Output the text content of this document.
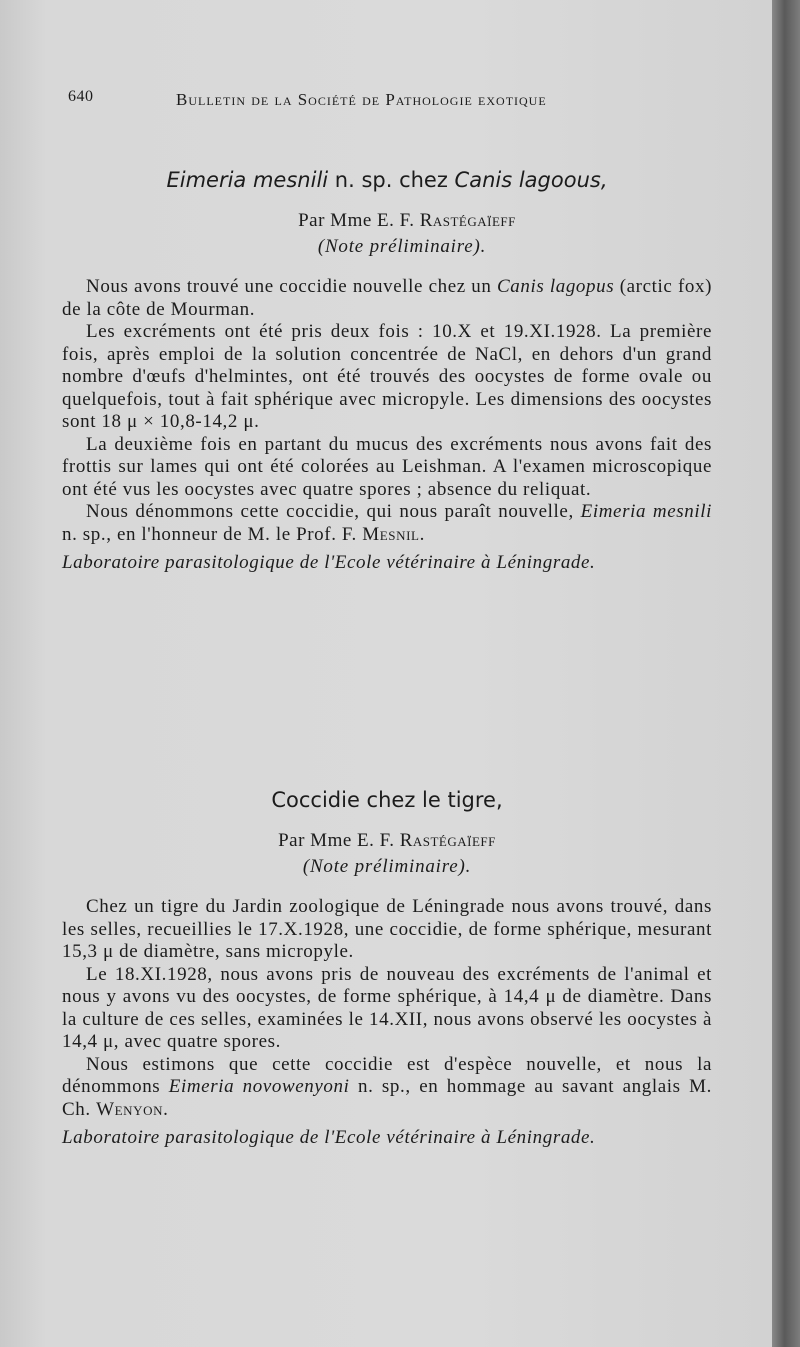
640	Bulletin de la Société de Pathologie exotique
Eimeria mesnili n. sp. chez Canis lagoous,

Par Mme E. F. Rastégaïeff

(Note préliminaire).

Nous avons trouvé une coccidie nouvelle chez un Canis lagopus (arctic fox) de la côte de Mourman.

Les excréments ont été pris deux fois : 10.X et 19.XI.1928. La première fois, après emploi de la solution concentrée de NaCl, en dehors d'un grand nombre d'œufs d'helmintes, ont été trouvés des oocystes de forme ovale ou quelquefois, tout à fait sphérique avec micropyle. Les dimensions des oocystes sont 18 μ × 10,8-14,2 μ.

La deuxième fois en partant du mucus des excréments nous avons fait des frottis sur lames qui ont été colorées au Leishman. A l'examen microscopique ont été vus les oocystes avec quatre spores ; absence du reliquat.

Nous dénommons cette coccidie, qui nous paraît nouvelle, Eimeria mesnili n. sp., en l'honneur de M. le Prof. F. Mesnil.

Laboratoire parasitologique de l'Ecole vétérinaire à Léningrade.
Coccidie chez le tigre,

Par Mme E. F. Rastégaïeff

(Note préliminaire).

Chez un tigre du Jardin zoologique de Léningrade nous avons trouvé, dans les selles, recueillies le 17.X.1928, une coccidie, de forme sphérique, mesurant 15,3 μ de diamètre, sans micropyle.

Le 18.XI.1928, nous avons pris de nouveau des excréments de l'animal et nous y avons vu des oocystes, de forme sphérique, à 14,4 μ de diamètre. Dans la culture de ces selles, examinées le 14.XII, nous avons observé les oocystes à 14,4 μ, avec quatre spores.

Nous estimons que cette coccidie est d'espèce nouvelle, et nous la dénommons Eimeria novowenyoni n. sp., en hommage au savant anglais M. Ch. Wenyon.

Laboratoire parasitologique de l'Ecole vétérinaire à Léningrade.
